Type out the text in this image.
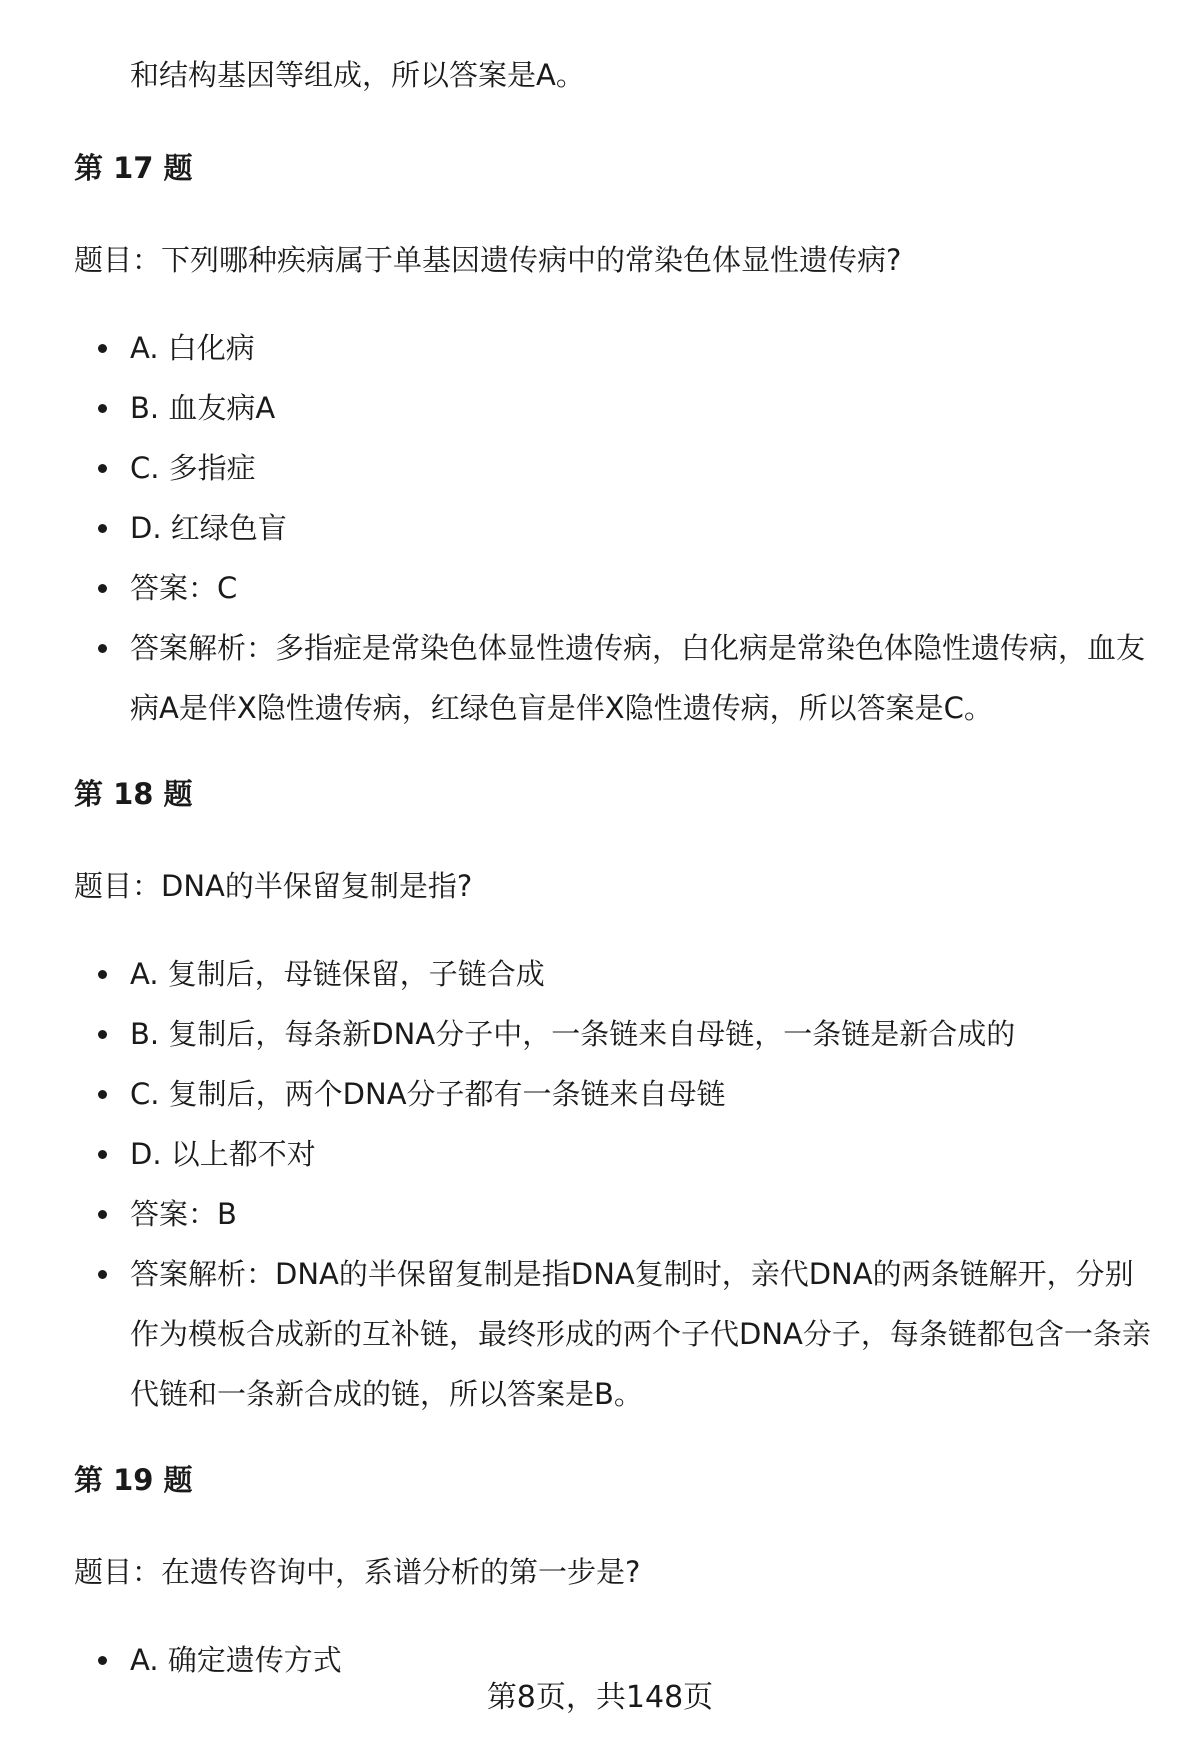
和结构基因等组成，所以答案是A。
第 17 题
题目：下列哪种疾病属于单基因遗传病中的常染色体显性遗传病?
A. 白化病
B. 血友病A
C. 多指症
D. 红绿色盲
答案：C
答案解析：多指症是常染色体显性遗传病，白化病是常染色体隐性遗传病，血友病A是伴X隐性遗传病，红绿色盲是伴X隐性遗传病，所以答案是C。
第 18 题
题目：DNA的半保留复制是指?
A. 复制后，母链保留，子链合成
B. 复制后，每条新DNA分子中，一条链来自母链，一条链是新合成的
C. 复制后，两个DNA分子都有一条链来自母链
D. 以上都不对
答案：B
答案解析：DNA的半保留复制是指DNA复制时，亲代DNA的两条链解开，分别作为模板合成新的互补链，最终形成的两个子代DNA分子，每条链都包含一条亲代链和一条新合成的链，所以答案是B。
第 19 题
题目：在遗传咨询中，系谱分析的第一步是?
A. 确定遗传方式
第8页，共148页
